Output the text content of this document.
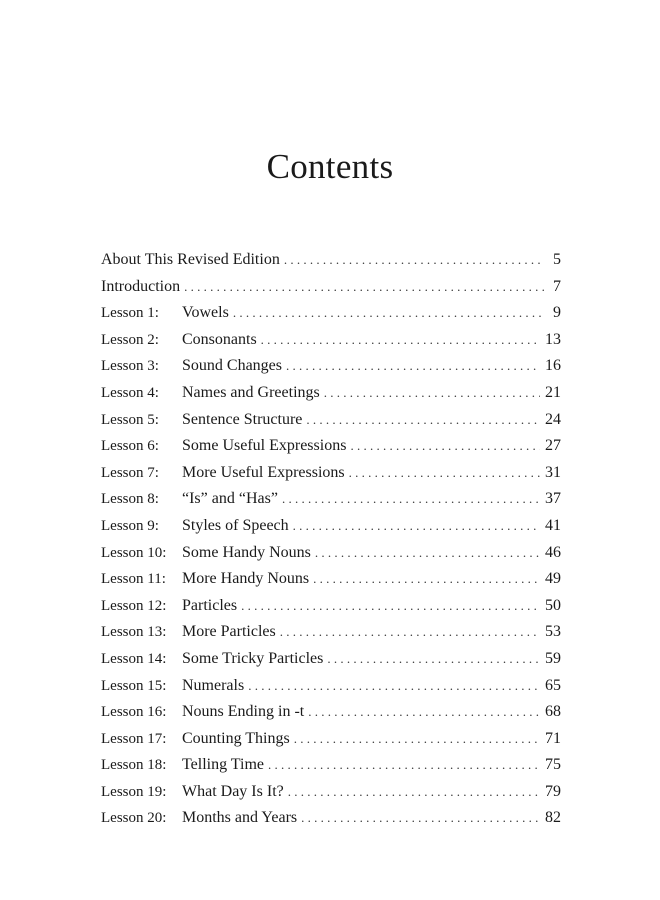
Contents
About This Revised Edition . . .	5
Introduction . . .	7
Lesson 1:	Vowels . . .	9
Lesson 2:	Consonants . . .	13
Lesson 3:	Sound Changes . . .	16
Lesson 4:	Names and Greetings . . .	21
Lesson 5:	Sentence Structure . . .	24
Lesson 6:	Some Useful Expressions . . .	27
Lesson 7:	More Useful Expressions . . .	31
Lesson 8:	“Is” and “Has” . . .	37
Lesson 9:	Styles of Speech . . .	41
Lesson 10: Some Handy Nouns . . .	46
Lesson 11:	More Handy Nouns . . .	49
Lesson 12: Particles . . .	50
Lesson 13: More Particles . . .	53
Lesson 14: Some Tricky Particles . . .	59
Lesson 15: Numerals . . .	65
Lesson 16: Nouns Ending in -t . . .	68
Lesson 17: Counting Things . . .	71
Lesson 18: Telling Time . . .	75
Lesson 19: What Day Is It? . . .	79
Lesson 20: Months and Years . . .	82
